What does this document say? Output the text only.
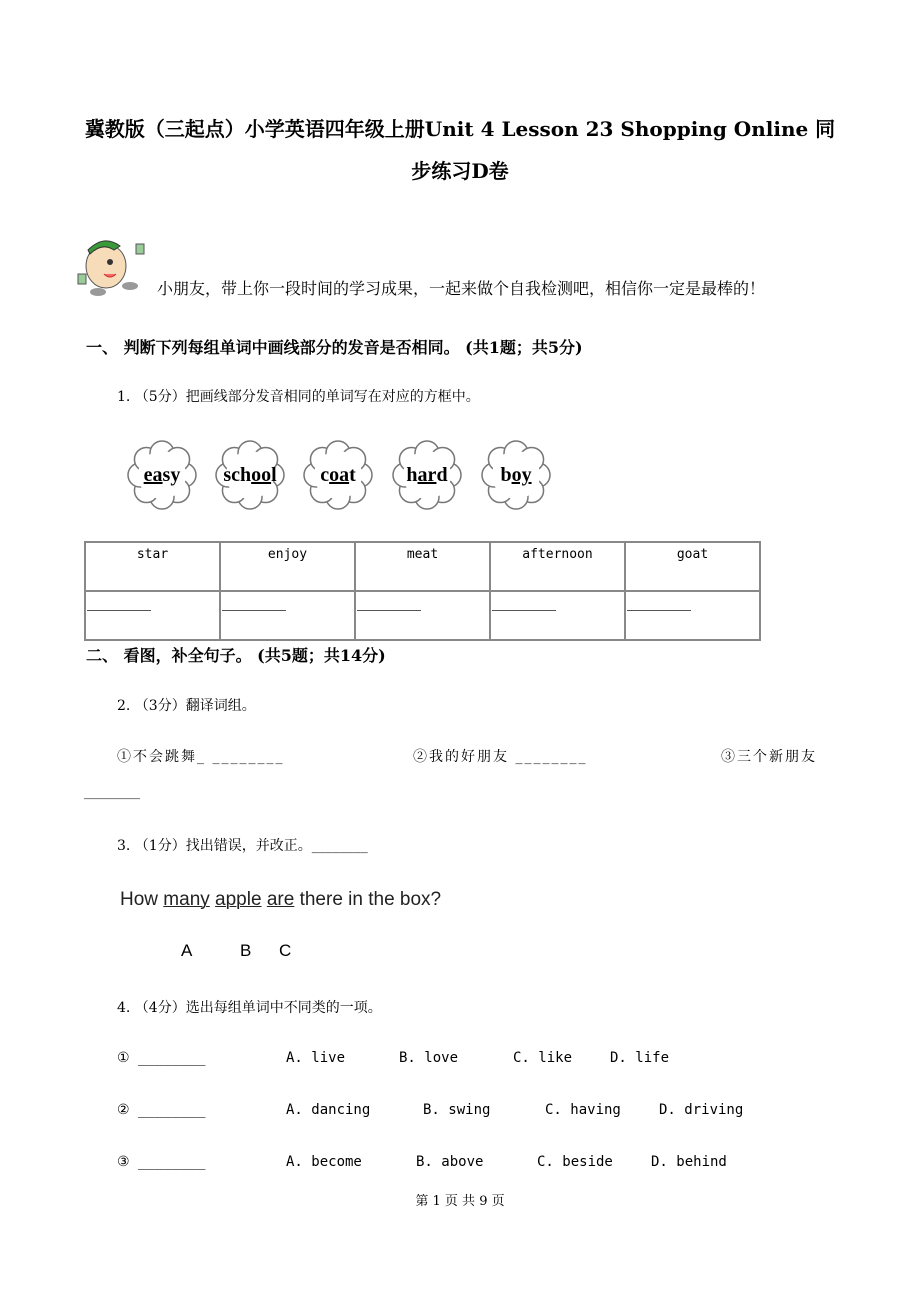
冀教版（三起点）小学英语四年级上册Unit 4 Lesson 23 Shopping Online 同步练习D卷
小朋友，带上你一段时间的学习成果，一起来做个自我检测吧，相信你一定是最棒的！
一、 判断下列每组单词中画线部分的发音是否相同。 (共1题；共5分)
1. （5分）把画线部分发音相同的单词写在对应的方框中。
easy school coat	hard	boy
star	enjoy	meat	afternoon	goat

二、 看图，补全句子。 (共5题；共14分)
2. （3分）翻译词组。
①不会跳舞_ ________	②我的好朋友 ________	③三个新朋友
________
3. （1分）找出错误，并改正。________
How many apple are there in the box?
A	B C
4. （4分）选出每组单词中不同类的一项。
① ________	A. live	B. love	C. like	D. life
② ________	A. dancing	B. swing	C. having	D. driving
③ ________	A. become	B. above	C. beside	D. behind
第 1 页 共 9 页
